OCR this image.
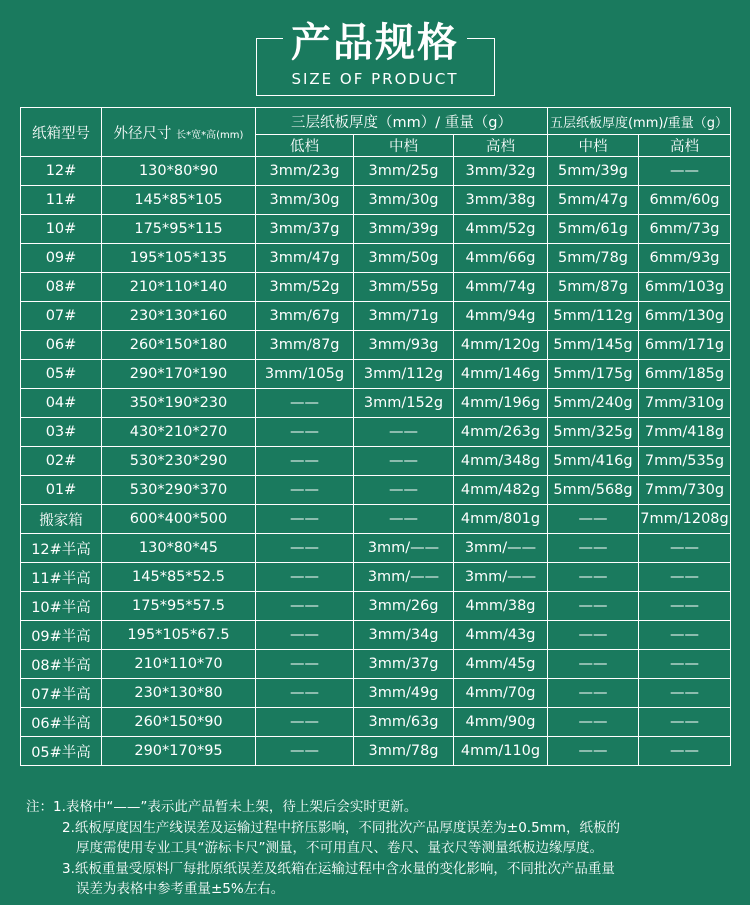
产品规格
SIZE OF PRODUCT
纸箱型号	外径尺寸 长*宽*高(mm)	三层纸板厚度（mm）/ 重量（g）			五层纸板厚度(mm)/重量（g）	
		低档	中档	高档	中档	高档
12#	130*80*90	3mm/23g	3mm/25g	3mm/32g	5mm/39g	——
11#	145*85*105	3mm/30g	3mm/30g	3mm/38g	5mm/47g	6mm/60g
10#	175*95*115	3mm/37g	3mm/39g	4mm/52g	5mm/61g	6mm/73g
09#	195*105*135	3mm/47g	3mm/50g	4mm/66g	5mm/78g	6mm/93g
08#	210*110*140	3mm/52g	3mm/55g	4mm/74g	5mm/87g	6mm/103g
07#	230*130*160	3mm/67g	3mm/71g	4mm/94g	5mm/112g	6mm/130g
06#	260*150*180	3mm/87g	3mm/93g	4mm/120g	5mm/145g	6mm/171g
05#	290*170*190	3mm/105g	3mm/112g	4mm/146g	5mm/175g	6mm/185g
04#	350*190*230	——	3mm/152g	4mm/196g	5mm/240g	7mm/310g
03#	430*210*270	——	——	4mm/263g	5mm/325g	7mm/418g
02#	530*230*290	——	——	4mm/348g	5mm/416g	7mm/535g
01#	530*290*370	——	——	4mm/482g	5mm/568g	7mm/730g
搬家箱	600*400*500	——	——	4mm/801g	——	7mm/1208g
12#半高	130*80*45	——	3mm/——	3mm/——	——	——
11#半高	145*85*52.5	——	3mm/——	3mm/——	——	——
10#半高	175*95*57.5	——	3mm/26g	4mm/38g	——	——
09#半高	195*105*67.5	——	3mm/34g	4mm/43g	——	——
08#半高	210*110*70	——	3mm/37g	4mm/45g	——	——
07#半高	230*130*80	——	3mm/49g	4mm/70g	——	——
06#半高	260*150*90	——	3mm/63g	4mm/90g	——	——
05#半高	290*170*95	——	3mm/78g	4mm/110g	——	——
注：1.表格中“——”表示此产品暂未上架，待上架后会实时更新。
2.纸板厚度因生产线误差及运输过程中挤压影响，不同批次产品厚度误差为±0.5mm，纸板的
厚度需使用专业工具“游标卡尺”测量，不可用直尺、卷尺、量衣尺等测量纸板边缘厚度。
3.纸板重量受原料厂每批原纸误差及纸箱在运输过程中含水量的变化影响，不同批次产品重量
误差为表格中参考重量±5%左右。
